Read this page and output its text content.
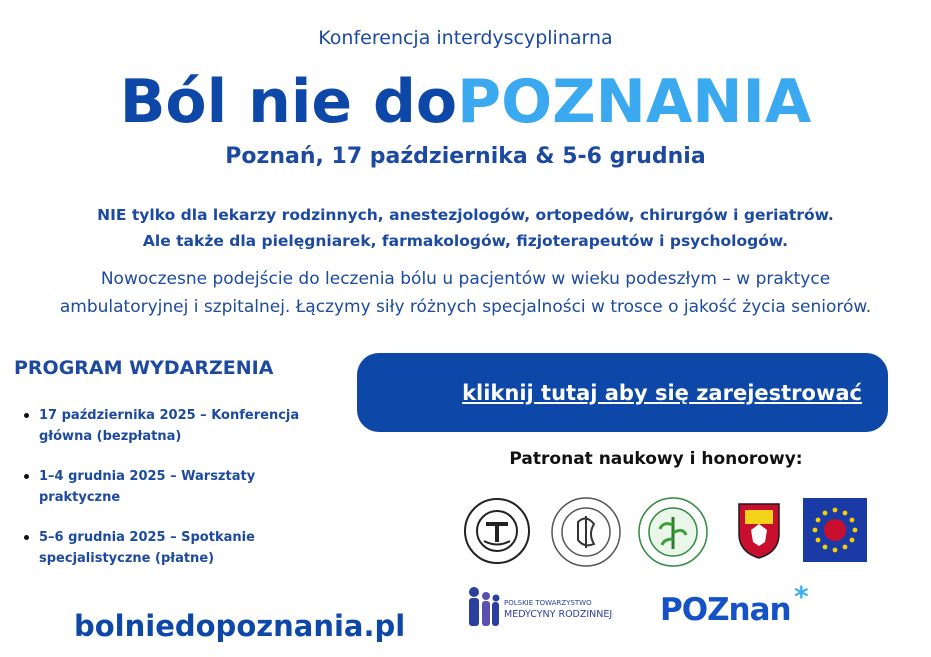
Konferencja interdyscyplinarna
Ból nie doPOZNANIA
Poznań, 17 października & 5-6 grudnia
NIE tylko dla lekarzy rodzinnych, anestezjologów, ortopedów, chirurgów i geriatrów.
Ale także dla pielęgniarek, farmakologów, fizjoterapeutów i psychologów.
Nowoczesne podejście do leczenia bólu u pacjentów w wieku podeszłym – w praktyce
ambulatoryjnej i szpitalnej. Łączymy siły różnych specjalności w trosce o jakość życia seniorów.
PROGRAM WYDARZENIA
17 października 2025 – Konferencja
główna (bezpłatna)
1–4 grudnia 2025 – Warsztaty
praktyczne
5–6 grudnia 2025 – Spotkanie
specjalistyczne (płatne)
kliknij tutaj aby się zarejestrować
Patronat naukowy i honorowy:
POLSKIE TOWARZYSTWO
MEDYCYNY RODZINNEJ POZnan *
bolniedopoznania.pl
